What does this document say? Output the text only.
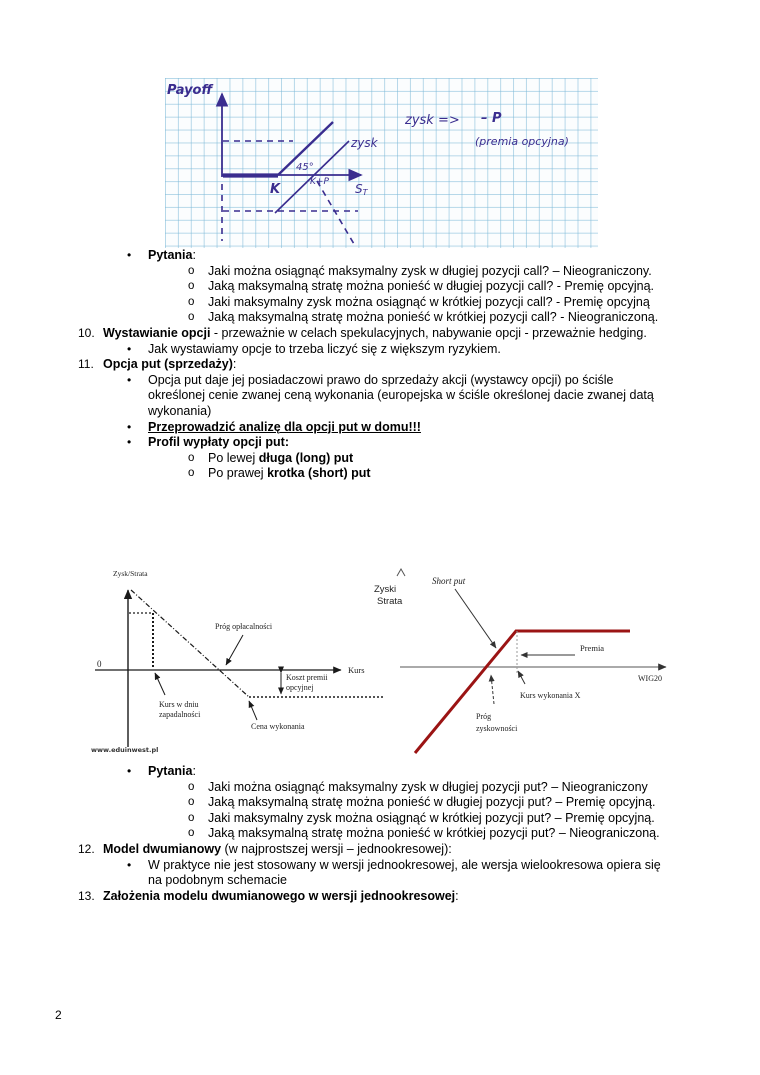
Payoff
45°
K	K+P ST
zysk
zysk => – P
(premia opcyjna)
• Pytania:
o Jaki można osiągnąć maksymalny zysk w długiej pozycji call? – Nieograniczony.
o Jaką maksymalną stratę można ponieść w długiej pozycji call? - Premię opcyjną.
o Jaki maksymalny zysk można osiągnąć w krótkiej pozycji call? - Premię opcyjną
o Jaką maksymalną stratę można ponieść w krótkiej pozycji call? - Nieograniczoną.
10. Wystawianie opcji - przeważnie w celach spekulacyjnych, nabywanie opcji - przeważnie hedging.
• Jak wystawiamy opcje to trzeba liczyć się z większym ryzykiem.
11. Opcja put (sprzedaży):
• Opcja put daje jej posiadaczowi prawo do sprzedaży akcji (wystawcy opcji) po ściśle określonej cenie zwanej ceną wykonania (europejska w ściśle określonej dacie zwanej datą wykonania)
• Przeprowadzić analizę dla opcji put w domu!!!
• Profil wypłaty opcji put:
o Po lewej długa (long) put
o Po prawej krotka (short) put
Zysk/Strata
0
Kurs
Próg opłacalności
Koszt premii
opcyjnej
Kurs w dniu
zapadalności
Cena wykonania
www.eduinwest.pl
Zyski
Strata
Short put
Premia
WIG20
Kurs wykonania X
Próg
zyskowności
• Pytania:
o Jaki można osiągnąć maksymalny zysk w długiej pozycji put? – Nieograniczony
o Jaką maksymalną stratę można ponieść w długiej pozycji put? – Premię opcyjną.
o Jaki maksymalny zysk można osiągnąć w krótkiej pozycji put? – Premię opcyjną.
o Jaką maksymalną stratę można ponieść w krótkiej pozycji put? – Nieograniczoną.
12. Model dwumianowy (w najprostszej wersji – jednookresowej):
• W praktyce nie jest stosowany w wersji jednookresowej, ale wersja wielookresowa opiera się na podobnym schemacie
13. Założenia modelu dwumianowego w wersji jednookresowej:
2
